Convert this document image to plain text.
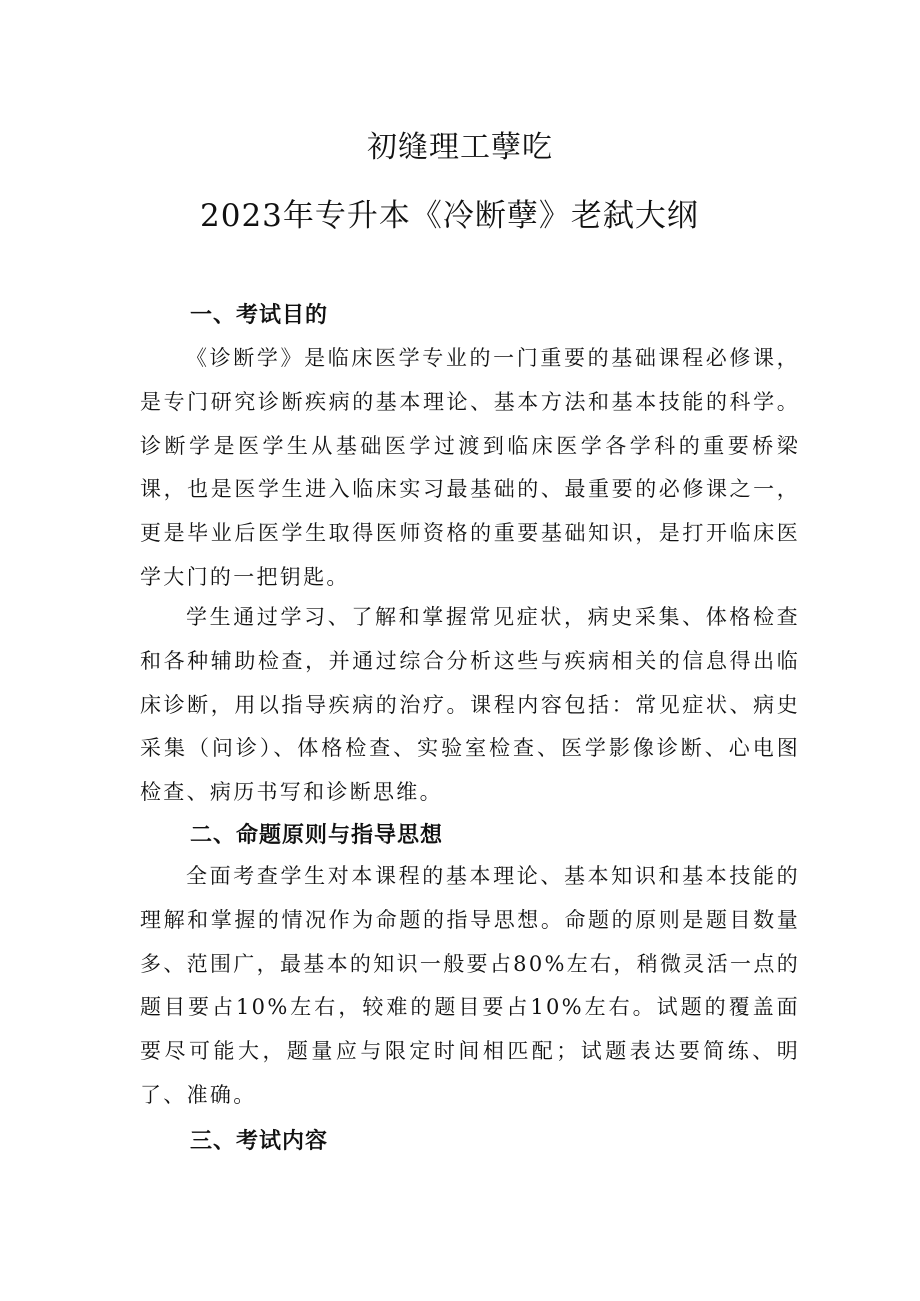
初缝理工孽吃
2023年专升本《冷断孽》老弑大纲
一、考试目的

《诊断学》是临床医学专业的一门重要的基础课程必修课，是专门研究诊断疾病的基本理论、基本方法和基本技能的科学。诊断学是医学生从基础医学过渡到临床医学各学科的重要桥梁课，也是医学生进入临床实习最基础的、最重要的必修课之一，更是毕业后医学生取得医师资格的重要基础知识，是打开临床医学大门的一把钥匙。

学生通过学习、了解和掌握常见症状，病史采集、体格检查和各种辅助检查，并通过综合分析这些与疾病相关的信息得出临床诊断，用以指导疾病的治疗。课程内容包括：常见症状、病史采集（问诊）、体格检查、实验室检查、医学影像诊断、心电图检查、病历书写和诊断思维。

二、命题原则与指导思想

全面考查学生对本课程的基本理论、基本知识和基本技能的理解和掌握的情况作为命题的指导思想。命题的原则是题目数量多、范围广，最基本的知识一般要占80%左右，稍微灵活一点的题目要占10%左右，较难的题目要占10%左右。试题的覆盖面要尽可能大，题量应与限定时间相匹配；试题表达要简练、明了、准确。

三、考试内容
